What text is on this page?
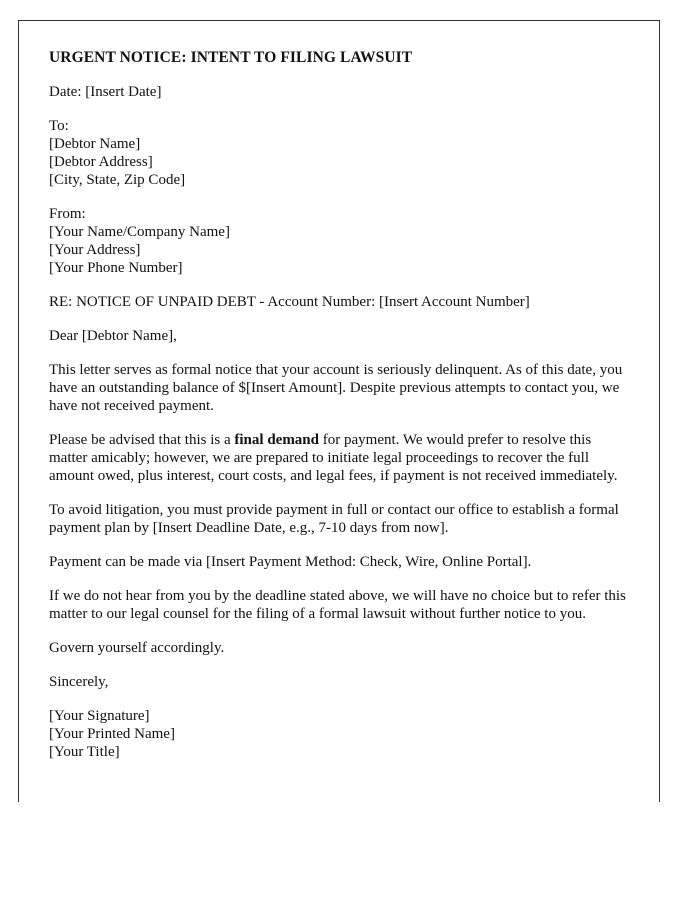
URGENT NOTICE: INTENT TO FILING LAWSUIT

Date: [Insert Date]

To:
[Debtor Name]
[Debtor Address]
[City, State, Zip Code]

From:
[Your Name/Company Name]
[Your Address]
[Your Phone Number]

RE: NOTICE OF UNPAID DEBT - Account Number: [Insert Account Number]

Dear [Debtor Name],

This letter serves as formal notice that your account is seriously delinquent. As of this date, you have an outstanding balance of $[Insert Amount]. Despite previous attempts to contact you, we have not received payment.

Please be advised that this is a final demand for payment. We would prefer to resolve this matter amicably; however, we are prepared to initiate legal proceedings to recover the full amount owed, plus interest, court costs, and legal fees, if payment is not received immediately.

To avoid litigation, you must provide payment in full or contact our office to establish a formal payment plan by [Insert Deadline Date, e.g., 7-10 days from now].

Payment can be made via [Insert Payment Method: Check, Wire, Online Portal].

If we do not hear from you by the deadline stated above, we will have no choice but to refer this matter to our legal counsel for the filing of a formal lawsuit without further notice to you.

Govern yourself accordingly.

Sincerely,

[Your Signature]
[Your Printed Name]
[Your Title]
